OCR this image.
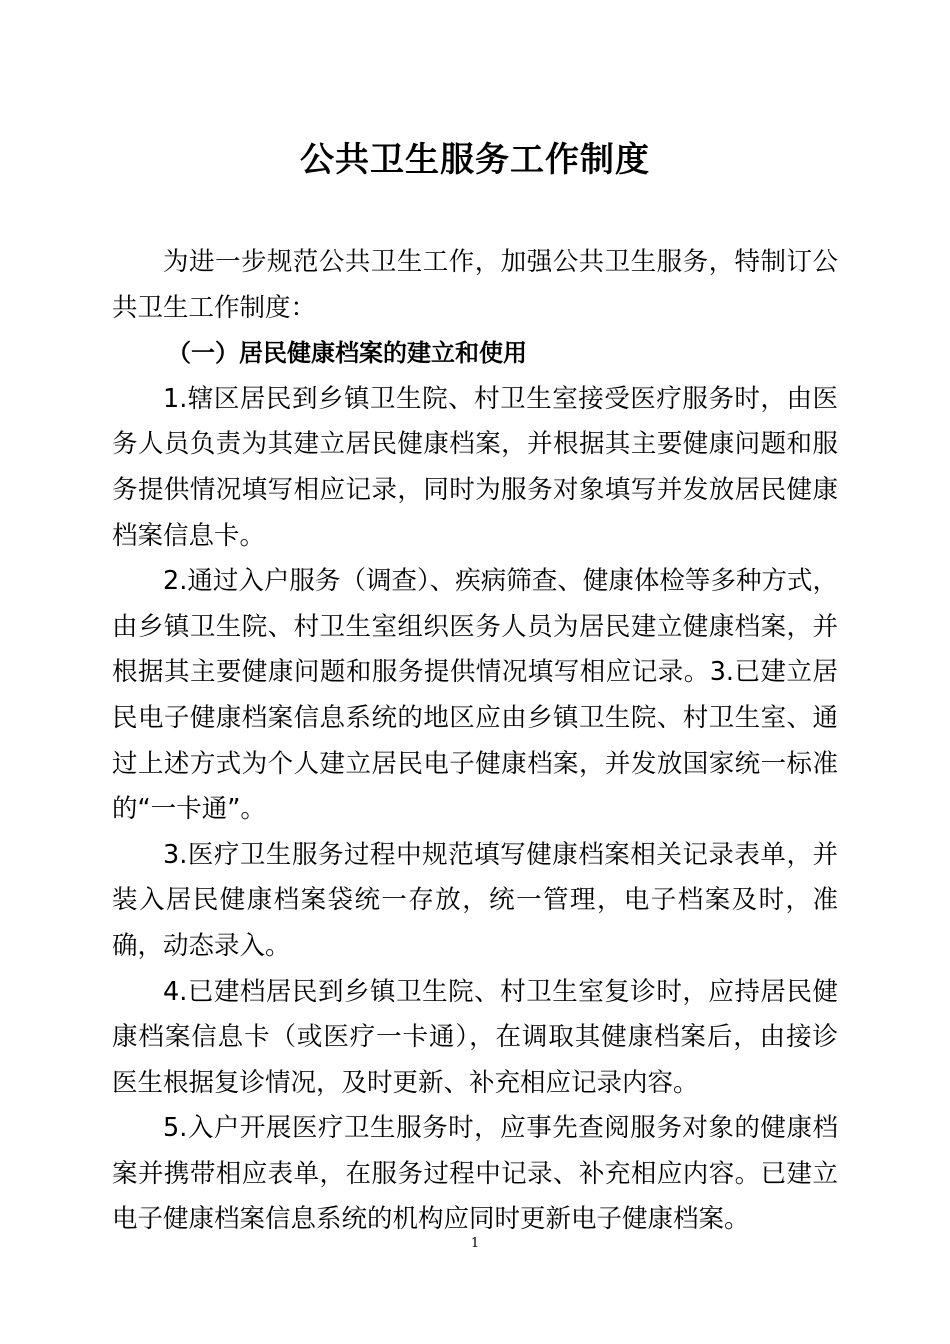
公共卫生服务工作制度

为进一步规范公共卫生工作，加强公共卫生服务，特制订公共卫生工作制度：

（一）居民健康档案的建立和使用

1.辖区居民到乡镇卫生院、村卫生室接受医疗服务时，由医务人员负责为其建立居民健康档案，并根据其主要健康问题和服务提供情况填写相应记录，同时为服务对象填写并发放居民健康档案信息卡。

2.通过入户服务（调查）、疾病筛查、健康体检等多种方式，由乡镇卫生院、村卫生室组织医务人员为居民建立健康档案，并根据其主要健康问题和服务提供情况填写相应记录。3.已建立居民电子健康档案信息系统的地区应由乡镇卫生院、村卫生室、通过上述方式为个人建立居民电子健康档案，并发放国家统一标准的“一卡通”。

3.医疗卫生服务过程中规范填写健康档案相关记录表单，并装入居民健康档案袋统一存放，统一管理，电子档案及时，准确，动态录入。

4.已建档居民到乡镇卫生院、村卫生室复诊时，应持居民健康档案信息卡（或医疗一卡通），在调取其健康档案后，由接诊医生根据复诊情况，及时更新、补充相应记录内容。

5.入户开展医疗卫生服务时，应事先查阅服务对象的健康档案并携带相应表单，在服务过程中记录、补充相应内容。已建立电子健康档案信息系统的机构应同时更新电子健康档案。

1
